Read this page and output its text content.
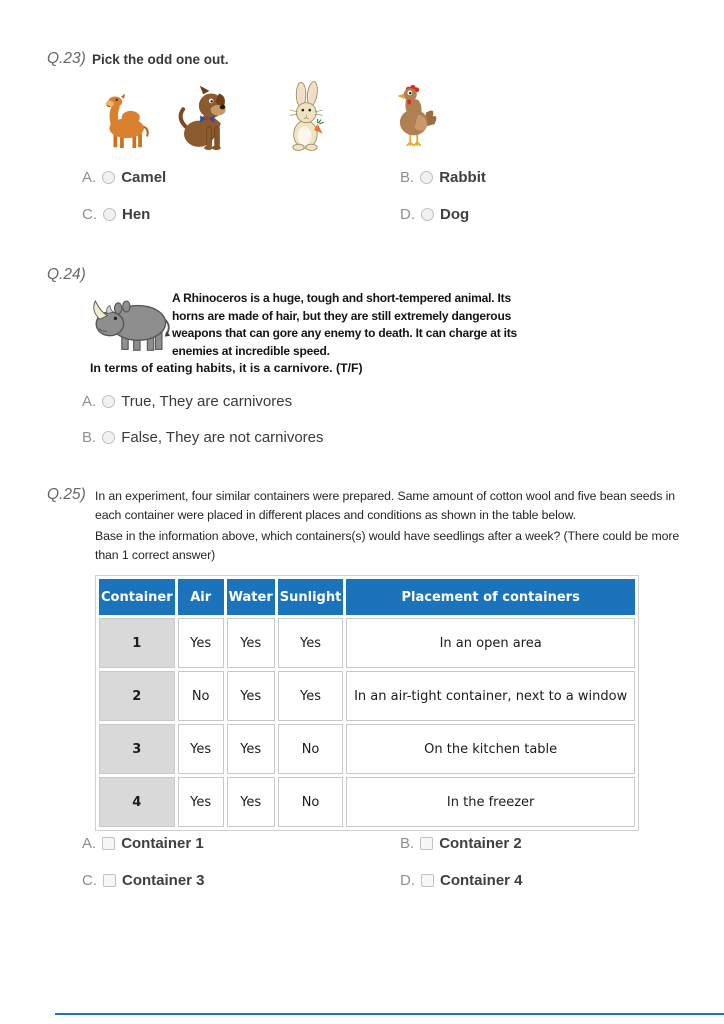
Q.23) Pick the odd one out.
A. Camel	B. Rabbit
C. Hen	D. Dog
Q.24)
A Rhinoceros is a huge, tough and short-tempered animal. Its
horns are made of hair, but they are still extremely dangerous
weapons that can gore any enemy to death. It can charge at its
enemies at incredible speed.
In terms of eating habits, it is a carnivore. (T/F)
A. True, They are carnivores
B. False, They are not carnivores
Q.25) In an experiment, four similar containers were prepared. Same amount of cotton wool and five bean seeds in
each container were placed in different places and conditions as shown in the table below.
Base in the information above, which containers(s) would have seedlings after a week? (There could be more
than 1 correct answer)
Container	Air	Water	Sunlight	Placement of containers
1	Yes	Yes	Yes	In an open area
2	No	Yes	Yes	In an air-tight container, next to a window
3	Yes	Yes	No	On the kitchen table
4	Yes	Yes	No	In the freezer
A. Container 1	B. Container 2
C. Container 3	D. Container 4
